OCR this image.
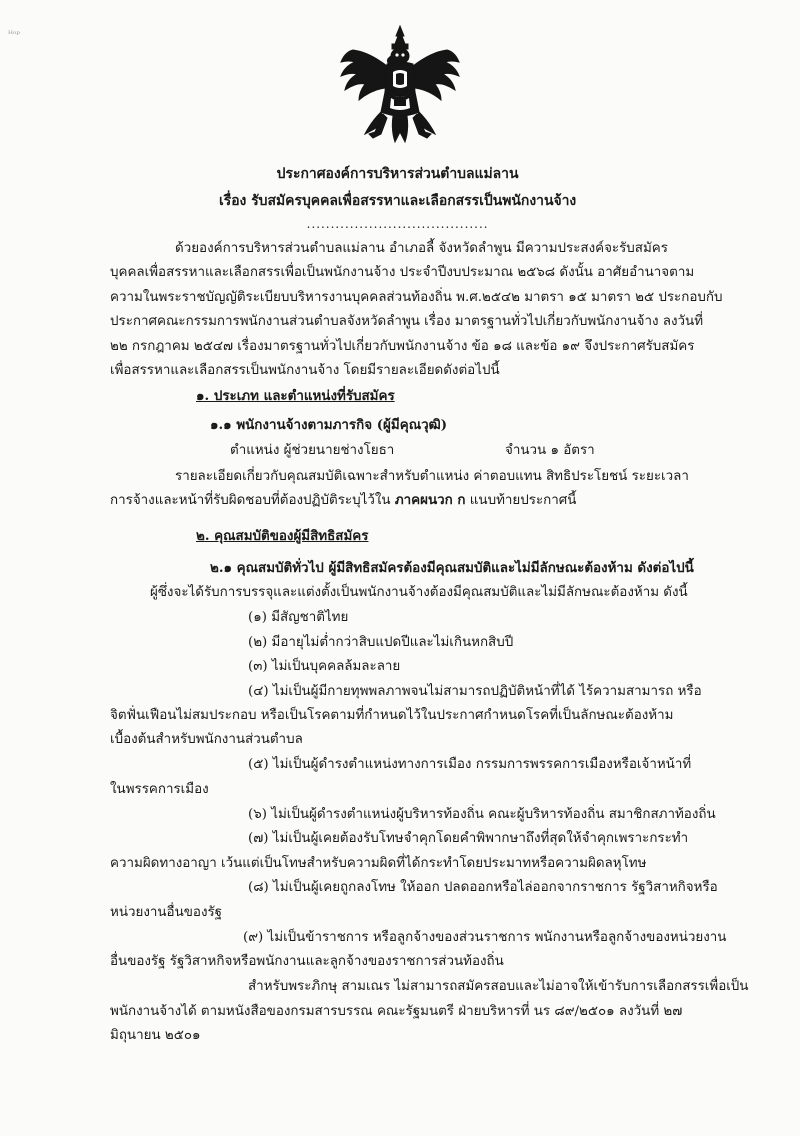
ᴴᵒᵖ
ประกาศองค์การบริหารส่วนตำบลแม่ลาน
เรื่อง รับสมัครบุคคลเพื่อสรรหาและเลือกสรรเป็นพนักงานจ้าง
......................................
ด้วยองค์การบริหารส่วนตำบลแม่ลาน อำเภอลี้ จังหวัดลำพูน มีความประสงค์จะรับสมัคร
บุคคลเพื่อสรรหาและเลือกสรรเพื่อเป็นพนักงานจ้าง ประจำปีงบประมาณ ๒๕๖๘ ดังนั้น อาศัยอำนาจตาม
ความในพระราชบัญญัติระเบียบบริหารงานบุคคลส่วนท้องถิ่น พ.ศ.๒๕๔๒ มาตรา ๑๕ มาตรา ๒๕ ประกอบกับ
ประกาศคณะกรรมการพนักงานส่วนตำบลจังหวัดลำพูน เรื่อง มาตรฐานทั่วไปเกี่ยวกับพนักงานจ้าง ลงวันที่
๒๒ กรกฎาคม ๒๕๔๗ เรื่องมาตรฐานทั่วไปเกี่ยวกับพนักงานจ้าง ข้อ ๑๘ และข้อ ๑๙ จึงประกาศรับสมัคร
เพื่อสรรหาและเลือกสรรเป็นพนักงานจ้าง โดยมีรายละเอียดดังต่อไปนี้
๑. ประเภท และตำแหน่งที่รับสมัคร
๑.๑ พนักงานจ้างตามภารกิจ (ผู้มีคุณวุฒิ)
ตำแหน่ง ผู้ช่วยนายช่างโยธา	จำนวน ๑ อัตรา
รายละเอียดเกี่ยวกับคุณสมบัติเฉพาะสำหรับตำแหน่ง ค่าตอบแทน สิทธิประโยชน์ ระยะเวลา
การจ้างและหน้าที่รับผิดชอบที่ต้องปฏิบัติระบุไว้ใน ภาคผนวก ก แนบท้ายประกาศนี้
๒. คุณสมบัติของผู้มีสิทธิสมัคร
๒.๑ คุณสมบัติทั่วไป ผู้มีสิทธิสมัครต้องมีคุณสมบัติและไม่มีลักษณะต้องห้าม ดังต่อไปนี้
ผู้ซึ่งจะได้รับการบรรจุและแต่งตั้งเป็นพนักงานจ้างต้องมีคุณสมบัติและไม่มีลักษณะต้องห้าม ดังนี้
(๑) มีสัญชาติไทย
(๒) มีอายุไม่ต่ำกว่าสิบแปดปีและไม่เกินหกสิบปี
(๓) ไม่เป็นบุคคลล้มละลาย
(๔) ไม่เป็นผู้มีกายทุพพลภาพจนไม่สามารถปฏิบัติหน้าที่ได้ ไร้ความสามารถ หรือ
จิตฟั่นเฟือนไม่สมประกอบ หรือเป็นโรคตามที่กำหนดไว้ในประกาศกำหนดโรคที่เป็นลักษณะต้องห้าม
เบื้องต้นสำหรับพนักงานส่วนตำบล
(๕) ไม่เป็นผู้ดำรงตำแหน่งทางการเมือง กรรมการพรรคการเมืองหรือเจ้าหน้าที่
ในพรรคการเมือง
(๖) ไม่เป็นผู้ดำรงตำแหน่งผู้บริหารท้องถิ่น คณะผู้บริหารท้องถิ่น สมาชิกสภาท้องถิ่น
(๗) ไม่เป็นผู้เคยต้องรับโทษจำคุกโดยคำพิพากษาถึงที่สุดให้จำคุกเพราะกระทำ
ความผิดทางอาญา เว้นแต่เป็นโทษสำหรับความผิดที่ได้กระทำโดยประมาทหรือความผิดลหุโทษ
(๘) ไม่เป็นผู้เคยถูกลงโทษ ให้ออก ปลดออกหรือไล่ออกจากราชการ รัฐวิสาหกิจหรือ
หน่วยงานอื่นของรัฐ
(๙) ไม่เป็นข้าราชการ หรือลูกจ้างของส่วนราชการ พนักงานหรือลูกจ้างของหน่วยงาน
อื่นของรัฐ รัฐวิสาหกิจหรือพนักงานและลูกจ้างของราชการส่วนท้องถิ่น
สำหรับพระภิกษุ สามเณร ไม่สามารถสมัครสอบและไม่อาจให้เข้ารับการเลือกสรรเพื่อเป็น
พนักงานจ้างได้ ตามหนังสือของกรมสารบรรณ คณะรัฐมนตรี ฝ่ายบริหารที่ นร ๘๙/๒๕๐๑ ลงวันที่ ๒๗
มิถุนายน ๒๕๐๑
